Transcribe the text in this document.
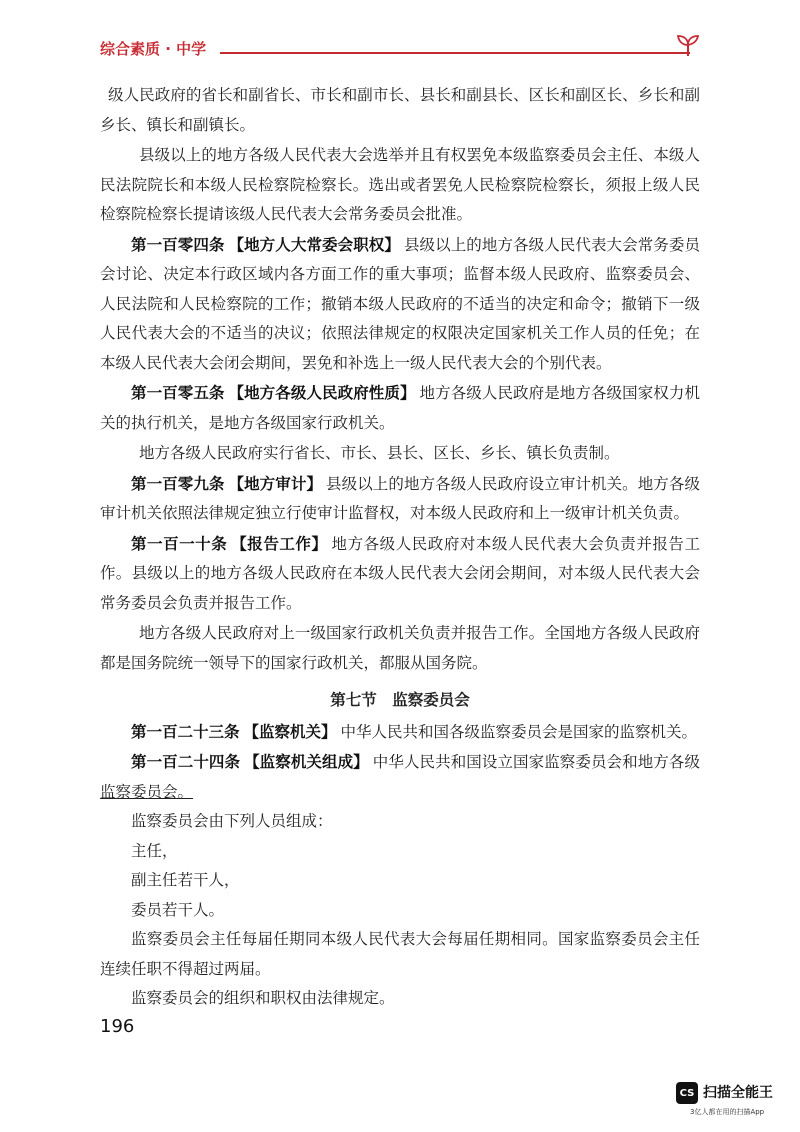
综合素质 · 中学

级人民政府的省长和副省长、市长和副市长、县长和副县长、区长和副区长、乡长和副乡长、镇长和副镇长。

县级以上的地方各级人民代表大会选举并且有权罢免本级监察委员会主任、本级人民法院院长和本级人民检察院检察长。选出或者罢免人民检察院检察长，须报上级人民检察院检察长提请该级人民代表大会常务委员会批准。

第一百零四条 【地方人大常委会职权】 县级以上的地方各级人民代表大会常务委员会讨论、决定本行政区域内各方面工作的重大事项；监督本级人民政府、监察委员会、人民法院和人民检察院的工作；撤销本级人民政府的不适当的决定和命令；撤销下一级人民代表大会的不适当的决议；依照法律规定的权限决定国家机关工作人员的任免；在本级人民代表大会闭会期间，罢免和补选上一级人民代表大会的个别代表。

第一百零五条 【地方各级人民政府性质】 地方各级人民政府是地方各级国家权力机关的执行机关，是地方各级国家行政机关。

地方各级人民政府实行省长、市长、县长、区长、乡长、镇长负责制。

第一百零九条 【地方审计】 县级以上的地方各级人民政府设立审计机关。地方各级审计机关依照法律规定独立行使审计监督权，对本级人民政府和上一级审计机关负责。

第一百一十条 【报告工作】 地方各级人民政府对本级人民代表大会负责并报告工作。县级以上的地方各级人民政府在本级人民代表大会闭会期间，对本级人民代表大会常务委员会负责并报告工作。

地方各级人民政府对上一级国家行政机关负责并报告工作。全国地方各级人民政府都是国务院统一领导下的国家行政机关，都服从国务院。

第七节　监察委员会

第一百二十三条 【监察机关】 中华人民共和国各级监察委员会是国家的监察机关。

第一百二十四条 【监察机关组成】 中华人民共和国设立国家监察委员会和地方各级监察委员会。

监察委员会由下列人员组成：

主任，

副主任若干人，

委员若干人。

监察委员会主任每届任期同本级人民代表大会每届任期相同。国家监察委员会主任连续任职不得超过两届。

监察委员会的组织和职权由法律规定。

196
CS 扫描全能王
3亿人都在用的扫描App
